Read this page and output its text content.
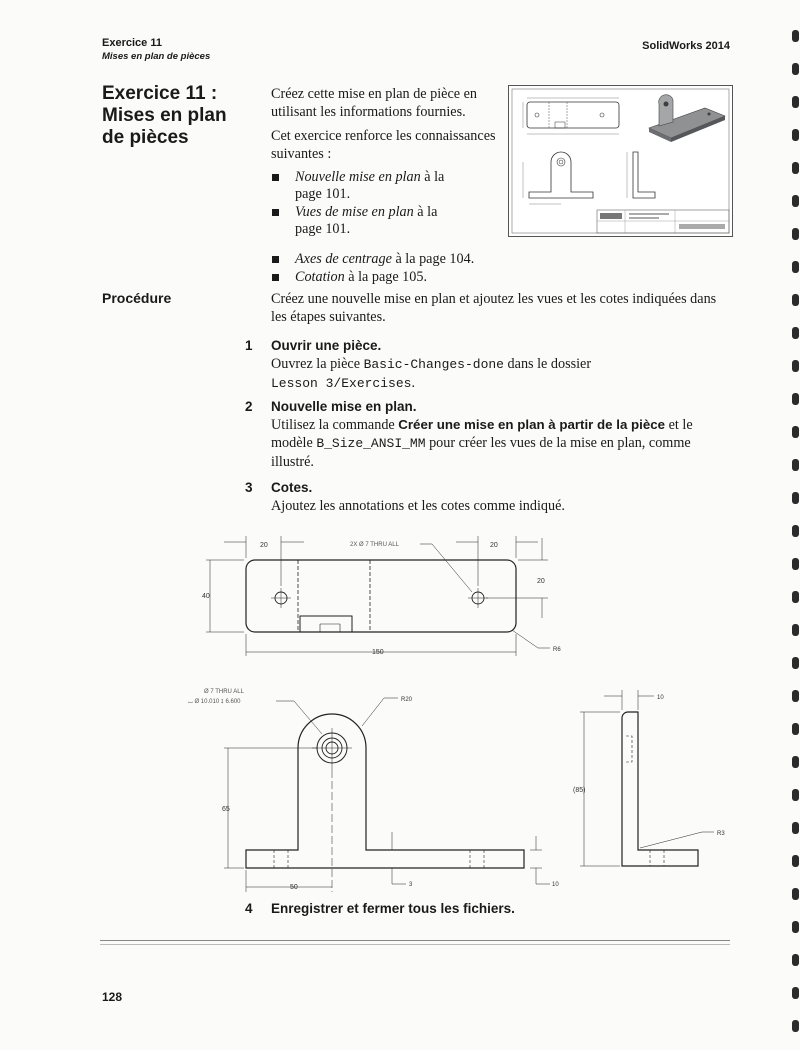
Exercice 11
Mises en plan de pièces
SolidWorks 2014
Exercice 11 : Mises en plan de pièces

Créez cette mise en plan de pièce en utilisant les informations fournies.

Cet exercice renforce les connaissances suivantes :

Nouvelle mise en plan à la
page 101.
Vues de mise en plan à la
page 101.
Axes de centrage à la page 104.
Cotation à la page 105.
Procédure	Créez une nouvelle mise en plan et ajoutez les vues et les cotes indiquées dans les étapes suivantes.
1 Ouvrir une pièce.
Ouvrez la pièce Basic-Changes-done dans le dossier
Lesson 3/Exercises.
2 Nouvelle mise en plan.
Utilisez la commande Créer une mise en plan à partir de la pièce et le modèle B_Size_ANSI_MM pour créer les vues de la mise en plan, comme illustré.
3 Cotes.
Ajoutez les annotations et les cotes comme indiqué.
20	2X Ø 7 THRU ALL	20
40
20
150	R6
Ø 7 THRU ALL
⌴ Ø 10.010 ↧ 6.600	R20
65
50	3	10
10
(85)
R3
4 Enregistrer et fermer tous les fichiers.
128
